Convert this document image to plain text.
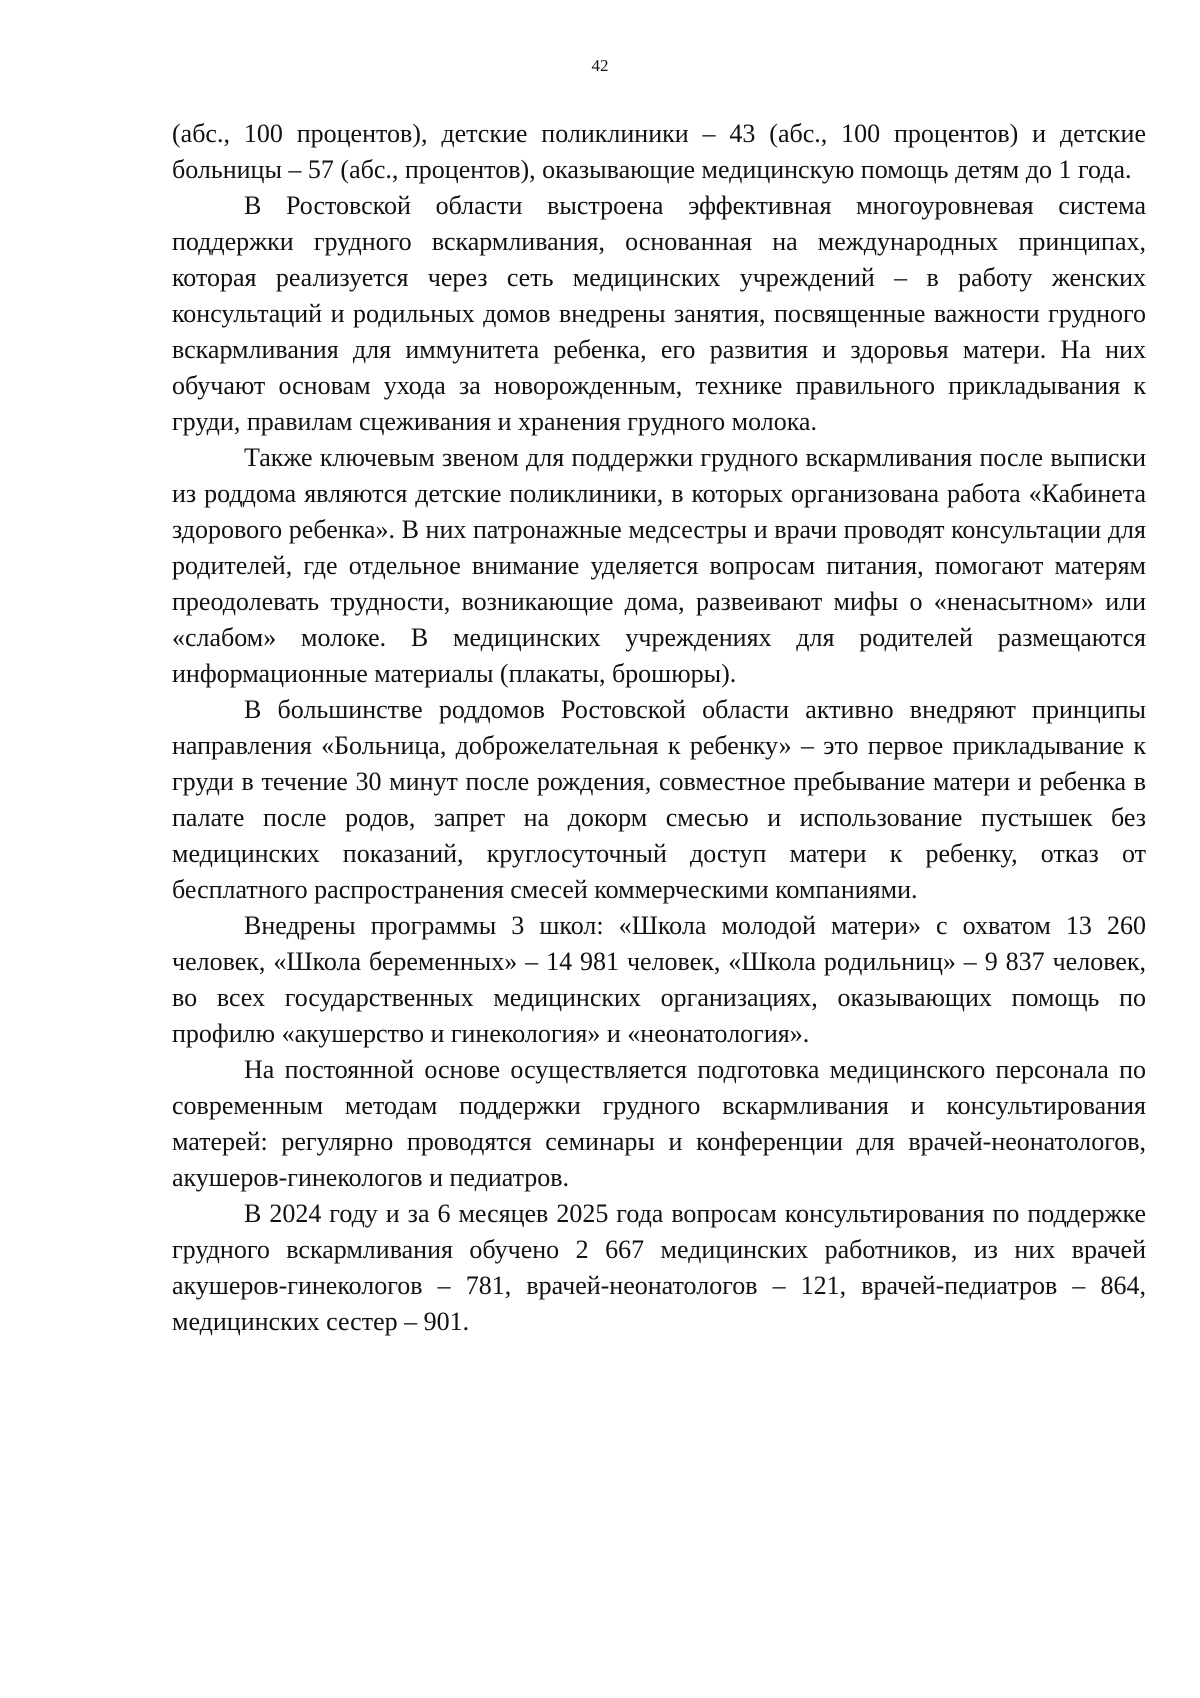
42

(абс., 100 процентов), детские поликлиники – 43 (абс., 100 процентов) и детские больницы – 57 (абс., процентов), оказывающие медицинскую помощь детям до 1 года.

В Ростовской области выстроена эффективная многоуровневая система поддержки грудного вскармливания, основанная на международных принципах, которая реализуется через сеть медицинских учреждений – в работу женских консультаций и родильных домов внедрены занятия, посвященные важности грудного вскармливания для иммунитета ребенка, его развития и здоровья матери. На них обучают основам ухода за новорожденным, технике правильного прикладывания к груди, правилам сцеживания и хранения грудного молока.

Также ключевым звеном для поддержки грудного вскармливания после выписки из роддома являются детские поликлиники, в которых организована работа «Кабинета здорового ребенка». В них патронажные медсестры и врачи проводят консультации для родителей, где отдельное внимание уделяется вопросам питания, помогают матерям преодолевать трудности, возникающие дома, развеивают мифы о «ненасытном» или «слабом» молоке. В медицинских учреждениях для родителей размещаются информационные материалы (плакаты, брошюры).

В большинстве роддомов Ростовской области активно внедряют принципы направления «Больница, доброжелательная к ребенку» – это первое прикладывание к груди в течение 30 минут после рождения, совместное пребывание матери и ребенка в палате после родов, запрет на докорм смесью и использование пустышек без медицинских показаний, круглосуточный доступ матери к ребенку, отказ от бесплатного распространения смесей коммерческими компаниями.

Внедрены программы 3 школ: «Школа молодой матери» с охватом 13 260 человек, «Школа беременных» – 14 981 человек, «Школа родильниц» – 9 837 человек, во всех государственных медицинских организациях, оказывающих помощь по профилю «акушерство и гинекология» и «неонатология».

На постоянной основе осуществляется подготовка медицинского персонала по современным методам поддержки грудного вскармливания и консультирования матерей: регулярно проводятся семинары и конференции для врачей-неонатологов, акушеров-гинекологов и педиатров.

В 2024 году и за 6 месяцев 2025 года вопросам консультирования по поддержке грудного вскармливания обучено 2 667 медицинских работников, из них врачей акушеров-гинекологов – 781, врачей-неонатологов – 121, врачей-педиатров – 864, медицинских сестер – 901.
